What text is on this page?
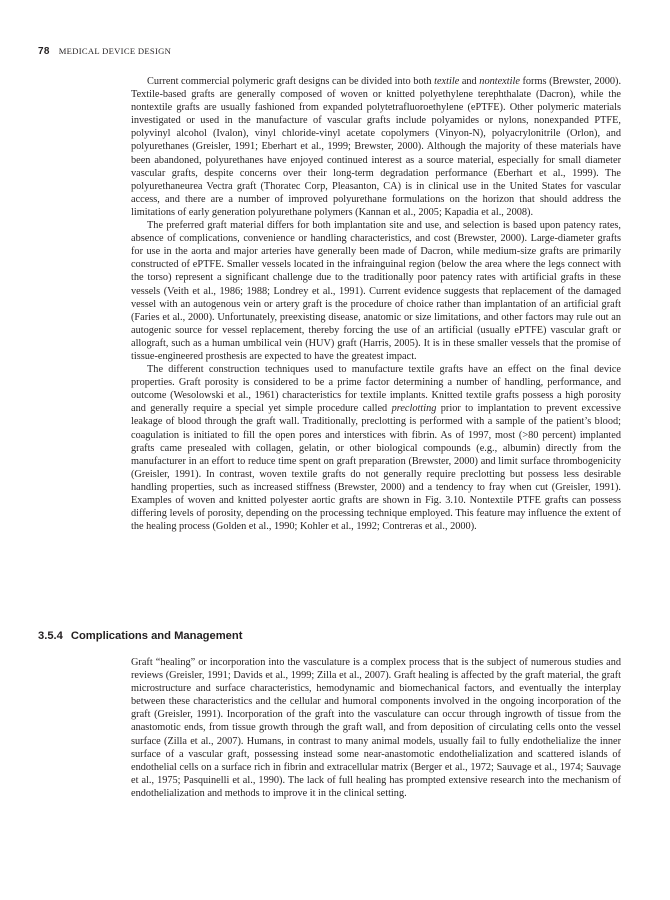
78 MEDICAL DEVICE DESIGN

Current commercial polymeric graft designs can be divided into both textile and nontextile forms (Brewster, 2000). Textile-based grafts are generally composed of woven or knitted polyethylene terephthalate (Dacron), while the nontextile grafts are usually fashioned from expanded polytetrafluoroethylene (ePTFE). Other polymeric materials investigated or used in the manufacture of vascular grafts include polyamides or nylons, nonexpanded PTFE, polyvinyl alcohol (Ivalon), vinyl chloride-vinyl acetate copolymers (Vinyon-N), polyacrylonitrile (Orlon), and polyurethanes (Greisler, 1991; Eberhart et al., 1999; Brewster, 2000). Although the majority of these materials have been abandoned, polyurethanes have enjoyed continued interest as a source material, especially for small diameter vascular grafts, despite concerns over their long-term degradation performance (Eberhart et al., 1999). The polyurethaneurea Vectra graft (Thoratec Corp, Pleasanton, CA) is in clinical use in the United States for vascular access, and there are a number of improved polyurethane formulations on the horizon that should address the limitations of early generation polyurethane polymers (Kannan et al., 2005; Kapadia et al., 2008).

The preferred graft material differs for both implantation site and use, and selection is based upon patency rates, absence of complications, convenience or handling characteristics, and cost (Brewster, 2000). Large-diameter grafts for use in the aorta and major arteries have generally been made of Dacron, while medium-size grafts are primarily constructed of ePTFE. Smaller vessels located in the infrainguinal region (below the area where the legs connect with the torso) represent a significant challenge due to the traditionally poor patency rates with artificial grafts in these vessels (Veith et al., 1986; 1988; Londrey et al., 1991). Current evidence suggests that replacement of the damaged vessel with an autogenous vein or artery graft is the procedure of choice rather than implantation of an artificial graft (Faries et al., 2000). Unfortunately, preexisting disease, anatomic or size limitations, and other factors may rule out an autogenic source for vessel replacement, thereby forcing the use of an artificial (usually ePTFE) vascular graft or allograft, such as a human umbilical vein (HUV) graft (Harris, 2005). It is in these smaller vessels that the promise of tissue-engineered prosthesis are expected to have the greatest impact.

The different construction techniques used to manufacture textile grafts have an effect on the final device properties. Graft porosity is considered to be a prime factor determining a number of handling, performance, and outcome (Wesolowski et al., 1961) characteristics for textile implants. Knitted textile grafts possess a high porosity and generally require a special yet simple procedure called preclotting prior to implantation to prevent excessive leakage of blood through the graft wall. Traditionally, preclotting is performed with a sample of the patient’s blood; coagulation is initiated to fill the open pores and interstices with fibrin. As of 1997, most (>80 percent) implanted grafts came presealed with collagen, gelatin, or other biological compounds (e.g., albumin) directly from the manufacturer in an effort to reduce time spent on graft preparation (Brewster, 2000) and limit surface thrombogenicity (Greisler, 1991). In contrast, woven textile grafts do not generally require preclotting but possess less desirable handling properties, such as increased stiffness (Brewster, 2000) and a tendency to fray when cut (Greisler, 1991). Examples of woven and knitted polyester aortic grafts are shown in Fig. 3.10. Nontextile PTFE grafts can possess differing levels of porosity, depending on the processing technique employed. This feature may influence the extent of the healing process (Golden et al., 1990; Kohler et al., 1992; Contreras et al., 2000).

3.5.4 Complications and Management

Graft “healing” or incorporation into the vasculature is a complex process that is the subject of numerous studies and reviews (Greisler, 1991; Davids et al., 1999; Zilla et al., 2007). Graft healing is affected by the graft material, the graft microstructure and surface characteristics, hemodynamic and biomechanical factors, and eventually the interplay between these characteristics and the cellular and humoral components involved in the ongoing incorporation of the graft (Greisler, 1991). Incorporation of the graft into the vasculature can occur through ingrowth of tissue from the anastomotic ends, from tissue growth through the graft wall, and from deposition of circulating cells onto the vessel surface (Zilla et al., 2007). Humans, in contrast to many animal models, usually fail to fully endothelialize the inner surface of a vascular graft, possessing instead some near-anastomotic endothelialization and scattered islands of endothelial cells on a surface rich in fibrin and extracellular matrix (Berger et al., 1972; Sauvage et al., 1974; Sauvage et al., 1975; Pasquinelli et al., 1990). The lack of full healing has prompted extensive research into the mechanism of endothelialization and methods to improve it in the clinical setting.
